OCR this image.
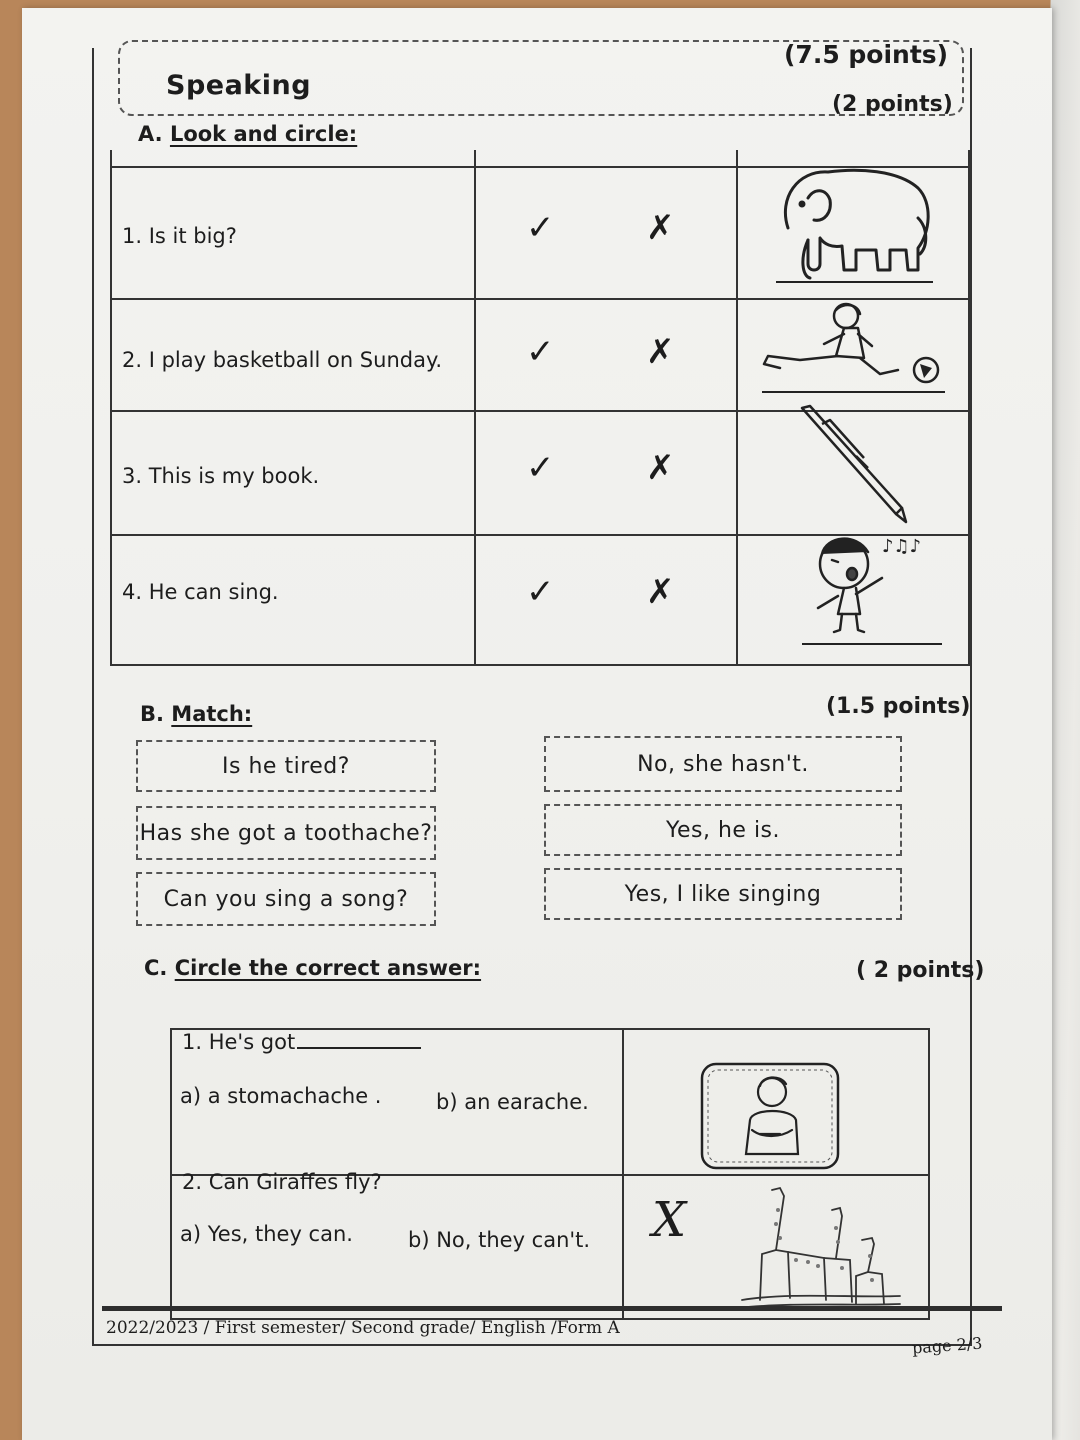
Speaking
(7.5 points)
A. Look and circle:
(2 points)
1. Is it big?	✓	✗
2. I play basketball on Sunday. ✓	✗
3. This is my book.	✓	✗
4. He can sing.	✓	✗
♪♫♪
B. Match:	(1.5 points)
Is he tired?
Has she got a toothache?
Can you sing a song?
No, she hasn't.
Yes, he is.
Yes, I like singing
C. Circle the correct answer:	( 2 points)
1. He's got
a) a stomachache .	b) an earache.
2. Can Giraffes fly?
a) Yes, they can.	b) No, they can't. X
2022/2023 / First semester/ Second grade/ English /Form A
page 2/3
